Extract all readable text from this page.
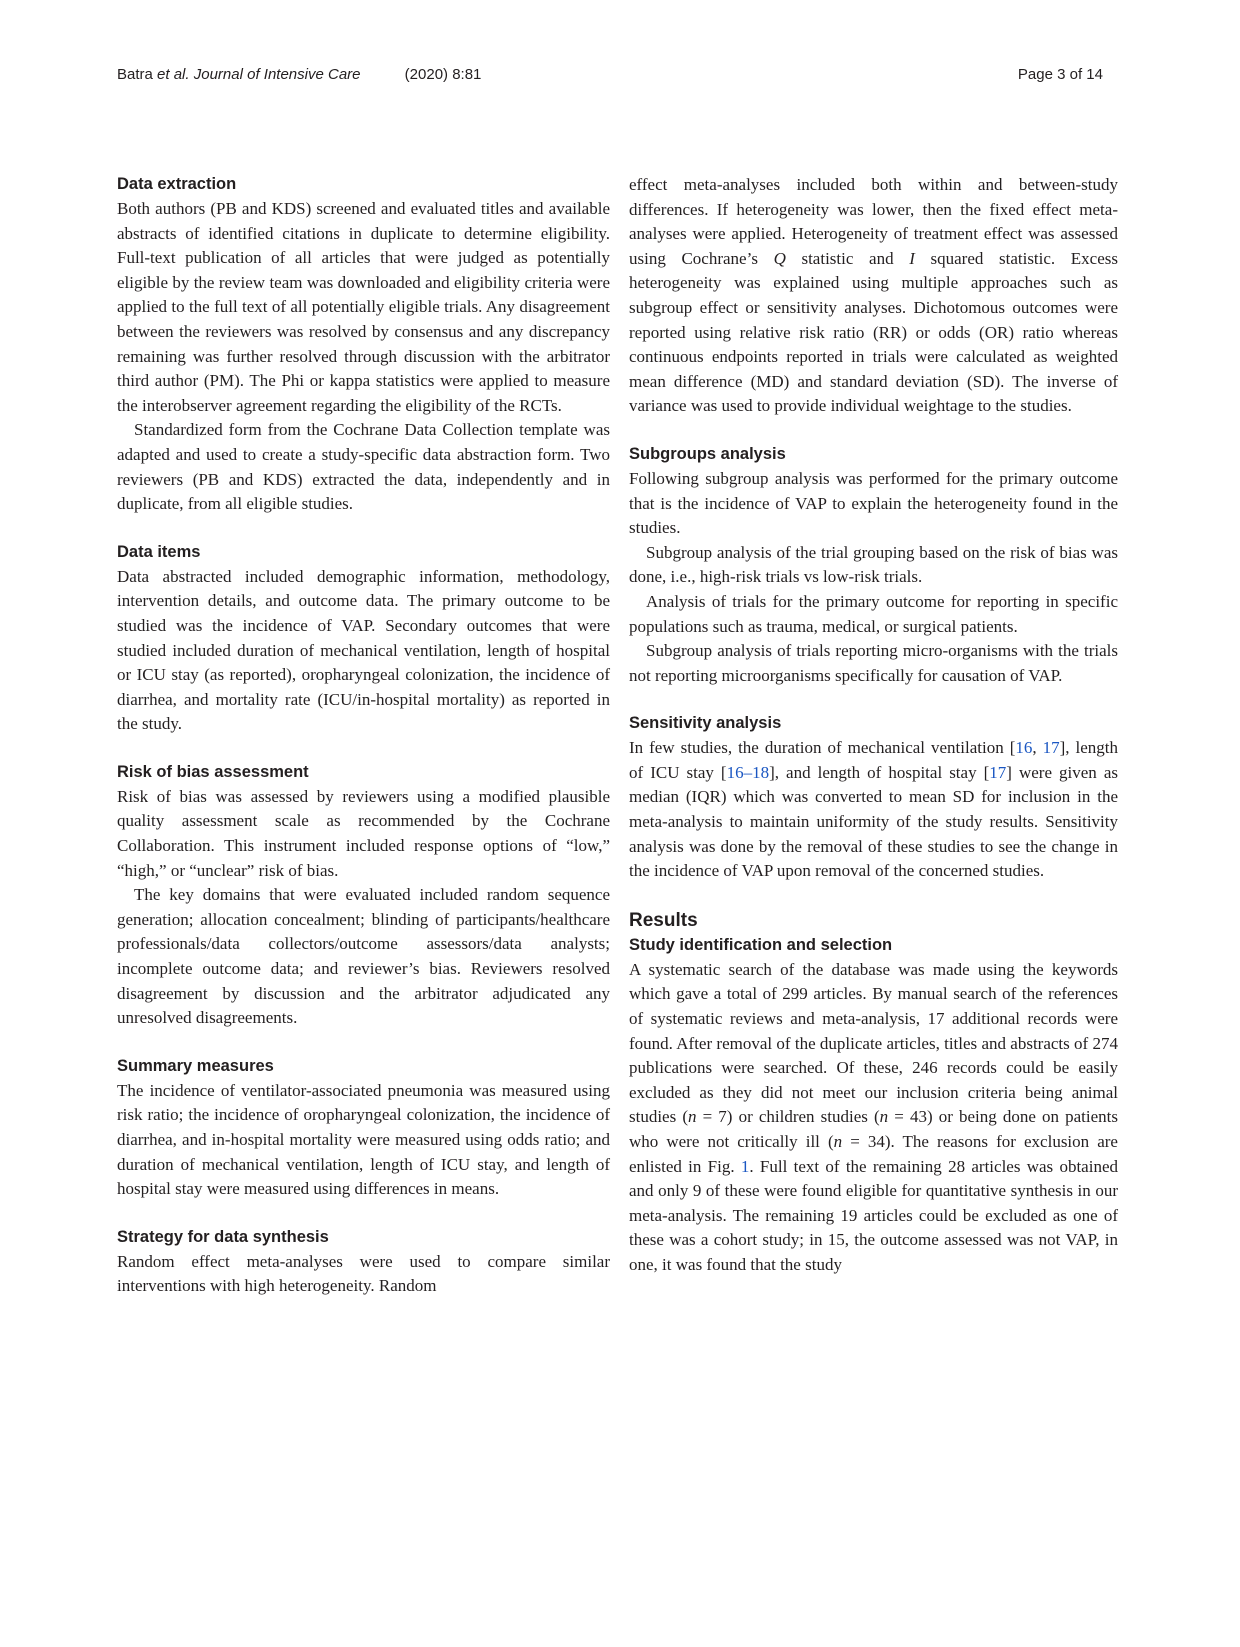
Batra et al. Journal of Intensive Care	(2020) 8:81	Page 3 of 14
Data extraction

Both authors (PB and KDS) screened and evaluated titles and available abstracts of identified citations in duplicate to determine eligibility. Full-text publication of all articles that were judged as potentially eligible by the review team was downloaded and eligibility criteria were applied to the full text of all potentially eligible trials. Any disagreement between the reviewers was resolved by consensus and any discrepancy remaining was further resolved through discussion with the arbitrator third author (PM). The Phi or kappa statistics were applied to measure the interobserver agreement regarding the eligibility of the RCTs.

Standardized form from the Cochrane Data Collection template was adapted and used to create a study-specific data abstraction form. Two reviewers (PB and KDS) extracted the data, independently and in duplicate, from all eligible studies.

Data items

Data abstracted included demographic information, methodology, intervention details, and outcome data. The primary outcome to be studied was the incidence of VAP. Secondary outcomes that were studied included duration of mechanical ventilation, length of hospital or ICU stay (as reported), oropharyngeal colonization, the incidence of diarrhea, and mortality rate (ICU/in-hospital mortality) as reported in the study.

Risk of bias assessment

Risk of bias was assessed by reviewers using a modified plausible quality assessment scale as recommended by the Cochrane Collaboration. This instrument included response options of “low,” “high,” or “unclear” risk of bias.

The key domains that were evaluated included random sequence generation; allocation concealment; blinding of participants/healthcare professionals/data collectors/outcome assessors/data analysts; incomplete outcome data; and reviewer’s bias. Reviewers resolved disagreement by discussion and the arbitrator adjudicated any unresolved disagreements.

Summary measures

The incidence of ventilator-associated pneumonia was measured using risk ratio; the incidence of oropharyngeal colonization, the incidence of diarrhea, and in-hospital mortality were measured using odds ratio; and duration of mechanical ventilation, length of ICU stay, and length of hospital stay were measured using differences in means.

Strategy for data synthesis

Random effect meta-analyses were used to compare similar interventions with high heterogeneity. Random

effect meta-analyses included both within and between-study differences. If heterogeneity was lower, then the fixed effect meta-analyses were applied. Heterogeneity of treatment effect was assessed using Cochrane’s Q statistic and I squared statistic. Excess heterogeneity was explained using multiple approaches such as subgroup effect or sensitivity analyses. Dichotomous outcomes were reported using relative risk ratio (RR) or odds (OR) ratio whereas continuous endpoints reported in trials were calculated as weighted mean difference (MD) and standard deviation (SD). The inverse of variance was used to provide individual weightage to the studies.

Subgroups analysis

Following subgroup analysis was performed for the primary outcome that is the incidence of VAP to explain the heterogeneity found in the studies.

Subgroup analysis of the trial grouping based on the risk of bias was done, i.e., high-risk trials vs low-risk trials.

Analysis of trials for the primary outcome for reporting in specific populations such as trauma, medical, or surgical patients.

Subgroup analysis of trials reporting micro-organisms with the trials not reporting microorganisms specifically for causation of VAP.

Sensitivity analysis

In few studies, the duration of mechanical ventilation [16, 17], length of ICU stay [16–18], and length of hospital stay [17] were given as median (IQR) which was converted to mean SD for inclusion in the meta-analysis to maintain uniformity of the study results. Sensitivity analysis was done by the removal of these studies to see the change in the incidence of VAP upon removal of the concerned studies.

Results
Study identification and selection

A systematic search of the database was made using the keywords which gave a total of 299 articles. By manual search of the references of systematic reviews and meta-analysis, 17 additional records were found. After removal of the duplicate articles, titles and abstracts of 274 publications were searched. Of these, 246 records could be easily excluded as they did not meet our inclusion criteria being animal studies (n = 7) or children studies (n = 43) or being done on patients who were not critically ill (n = 34). The reasons for exclusion are enlisted in Fig. 1. Full text of the remaining 28 articles was obtained and only 9 of these were found eligible for quantitative synthesis in our meta-analysis. The remaining 19 articles could be excluded as one of these was a cohort study; in 15, the outcome assessed was not VAP, in one, it was found that the study
